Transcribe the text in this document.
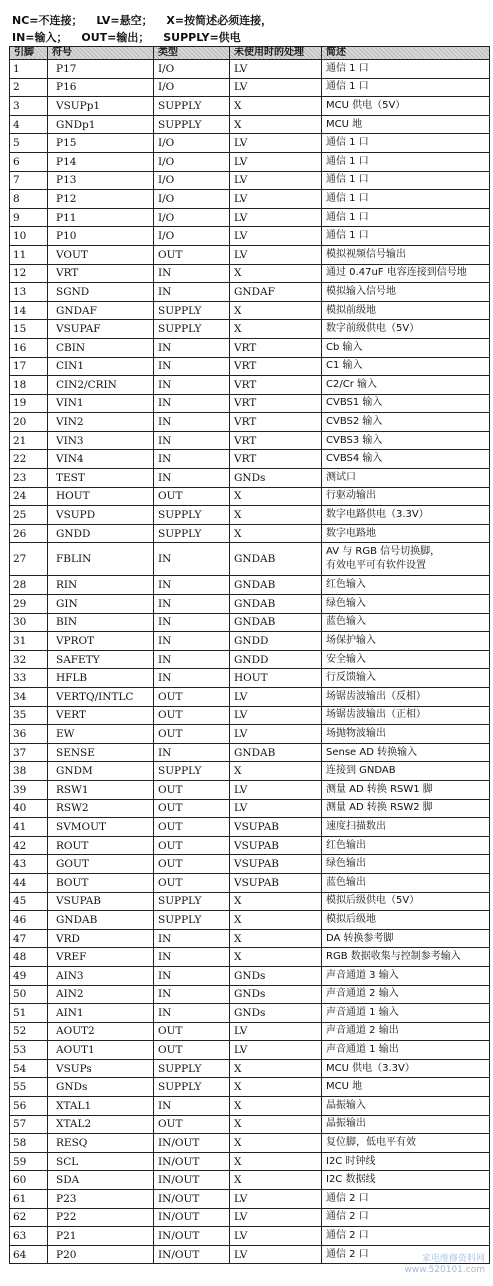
NC=不连接； LV=悬空； X=按简述必须连接，
IN=输入； OUT=输出； SUPPLY=供电
引脚	符号	类型	未使用时的处理	简述
1	P17	I/O	LV	通信 1 口
2	P16	I/O	LV	通信 1 口
3	VSUPp1	SUPPLY	X	MCU 供电（5V）
4	GNDp1	SUPPLY	X	MCU 地
5	P15	I/O	LV	通信 1 口
6	P14	I/O	LV	通信 1 口
7	P13	I/O	LV	通信 1 口
8	P12	I/O	LV	通信 1 口
9	P11	I/O	LV	通信 1 口
10	P10	I/O	LV	通信 1 口
11	VOUT	OUT	LV	模拟视频信号输出
12	VRT	IN	X	通过 0.47uF 电容连接到信号地
13	SGND	IN	GNDAF	模拟输入信号地
14	GNDAF	SUPPLY	X	模拟前级地
15	VSUPAF	SUPPLY	X	数字前级供电（5V）
16	CBIN	IN	VRT	Cb 输入
17	CIN1	IN	VRT	C1 输入
18	CIN2/CRIN	IN	VRT	C2/Cr 输入
19	VIN1	IN	VRT	CVBS1 输入
20	VIN2	IN	VRT	CVBS2 输入
21	VIN3	IN	VRT	CVBS3 输入
22	VIN4	IN	VRT	CVBS4 输入
23	TEST	IN	GNDs	测试口
24	HOUT	OUT	X	行驱动输出
25	VSUPD	SUPPLY	X	数字电路供电（3.3V）
26	GNDD	SUPPLY	X	数字电路地
27	FBLIN	IN	GNDAB	AV 与 RGB 信号切换脚，
有效电平可有软件设置

28	RIN	IN	GNDAB	红色输入
29	GIN	IN	GNDAB	绿色输入
30	BIN	IN	GNDAB	蓝色输入
31	VPROT	IN	GNDD	场保护输入
32	SAFETY	IN	GNDD	安全输入
33	HFLB	IN	HOUT	行反馈输入
34	VERTQ/INTLC	OUT	LV	场锯齿波输出（反相）
35	VERT	OUT	LV	场锯齿波输出（正相）
36	EW	OUT	LV	场抛物波输出
37	SENSE	IN	GNDAB	Sense AD 转换输入
38	GNDM	SUPPLY	X	连接到 GNDAB
39	RSW1	OUT	LV	测量 AD 转换 RSW1 脚
40	RSW2	OUT	LV	测量 AD 转换 RSW2 脚
41	SVMOUT	OUT	VSUPAB	速度扫描数出
42	ROUT	OUT	VSUPAB	红色输出
43	GOUT	OUT	VSUPAB	绿色输出
44	BOUT	OUT	VSUPAB	蓝色输出
45	VSUPAB	SUPPLY	X	模拟后级供电（5V）
46	GNDAB	SUPPLY	X	模拟后级地
47	VRD	IN	X	DA 转换参考脚
48	VREF	IN	X	RGB 数据收集与控制参考输入
49	AIN3	IN	GNDs	声音通道 3 输入
50	AIN2	IN	GNDs	声音通道 2 输入
51	AIN1	IN	GNDs	声音通道 1 输入
52	AOUT2	OUT	LV	声音通道 2 输出
53	AOUT1	OUT	LV	声音通道 1 输出
54	VSUPs	SUPPLY	X	MCU 供电（3.3V）
55	GNDs	SUPPLY	X	MCU 地
56	XTAL1	IN	X	晶振输入
57	XTAL2	OUT	X	晶振输出
58	RESQ	IN/OUT	X	复位脚，低电平有效
59	SCL	IN/OUT	X	I2C 时钟线
60	SDA	IN/OUT	X	I2C 数据线
61	P23	IN/OUT	LV	通信 2 口
62	P22	IN/OUT	LV	通信 2 口
63	P21	IN/OUT	LV	通信 2 口
64	P20	IN/OUT	LV	通信 2 口	家电维修资料网
www.520101.com
